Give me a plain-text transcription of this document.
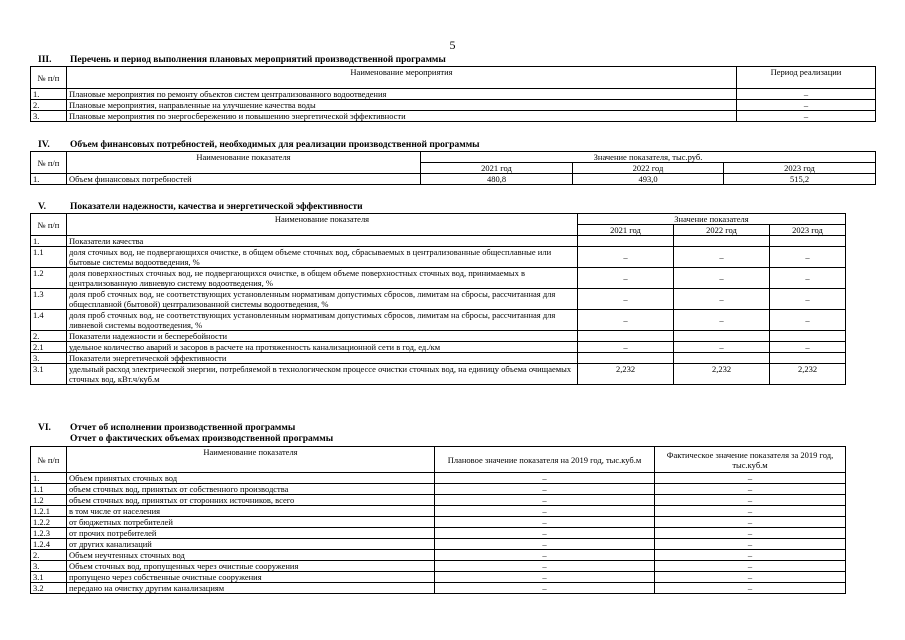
5
III. Перечень и период выполнения плановых мероприятий производственной программы
№ п/п	Наименование мероприятия	Период реализации
1.	Плановые мероприятия по ремонту объектов систем централизованного водоотведения	–
2.	Плановые мероприятия, направленные на улучшение качества воды	–
3.	Плановые мероприятия по энергосбережению и повышению энергетической эффективности	–
IV. Объем финансовых потребностей, необходимых для реализации производственной программы
№ п/п	Наименование показателя	Значение показателя, тыс.руб.		
		2021 год	2022 год	2023 год
1.	Объем финансовых потребностей	480,8	493,0	515,2
V.	Показатели надежности, качества и энергетической эффективности
№ п/п	Наименование показателя	Значение показателя		
		2021 год	2022 год	2023 год
1.	Показатели качества			
1.1	доля сточных вод, не подвергающихся очистке, в общем объеме сточных вод, сбрасываемых в централизованные общесплавные или бытовые системы водоотведения, %	–	–	–
1.2	доля поверхностных сточных вод, не подвергающихся очистке, в общем объеме поверхностных сточных вод, принимаемых в централизованную ливневую систему водоотведения, %	–	–	–
1.3	доля проб сточных вод, не соответствующих установленным нормативам допустимых сбросов, лимитам на сбросы, рассчитанная для общесплавной (бытовой) централизованной системы водоотведения, %	–	–	–
1.4	доля проб сточных вод, не соответствующих установленным нормативам допустимых сбросов, лимитам на сбросы, рассчитанная для ливневой системы водоотведения, %	–	–	–
2.	Показатели надежности и бесперебойности			
2.1	удельное количество аварий и засоров в расчете на протяженность канализационной сети в год, ед./км	–	–	–
3.	Показатели энергетической эффективности			
3.1	удельный расход электрической энергии, потребляемой в технологическом процессе очистки сточных вод, на единицу объема очищаемых сточных вод, кВт.ч/куб.м	2,232	2,232	2,232
VI. Отчет об исполнении производственной программы
Отчет о фактических объемах производственной программы
№ п/п	Наименование показателя	Плановое значение показателя на 2019 год, тыс.куб.м	Фактическое значение показателя за 2019 год, тыс.куб.м
1.	Объем принятых сточных вод	–	–
1.1	объем сточных вод, принятых от собственного производства	–	–
1.2	объем сточных вод, принятых от сторонних источников, всего	–	–
1.2.1	в том числе от населения	–	–
1.2.2	от бюджетных потребителей	–	–
1.2.3	от прочих потребителей	–	–
1.2.4	от других канализаций	–	–
2.	Объем неучтенных сточных вод	–	–
3.	Объем сточных вод, пропущенных через очистные сооружения	–	–
3.1	пропущено через собственные очистные сооружения	–	–
3.2	передано на очистку другим канализациям	–	–
